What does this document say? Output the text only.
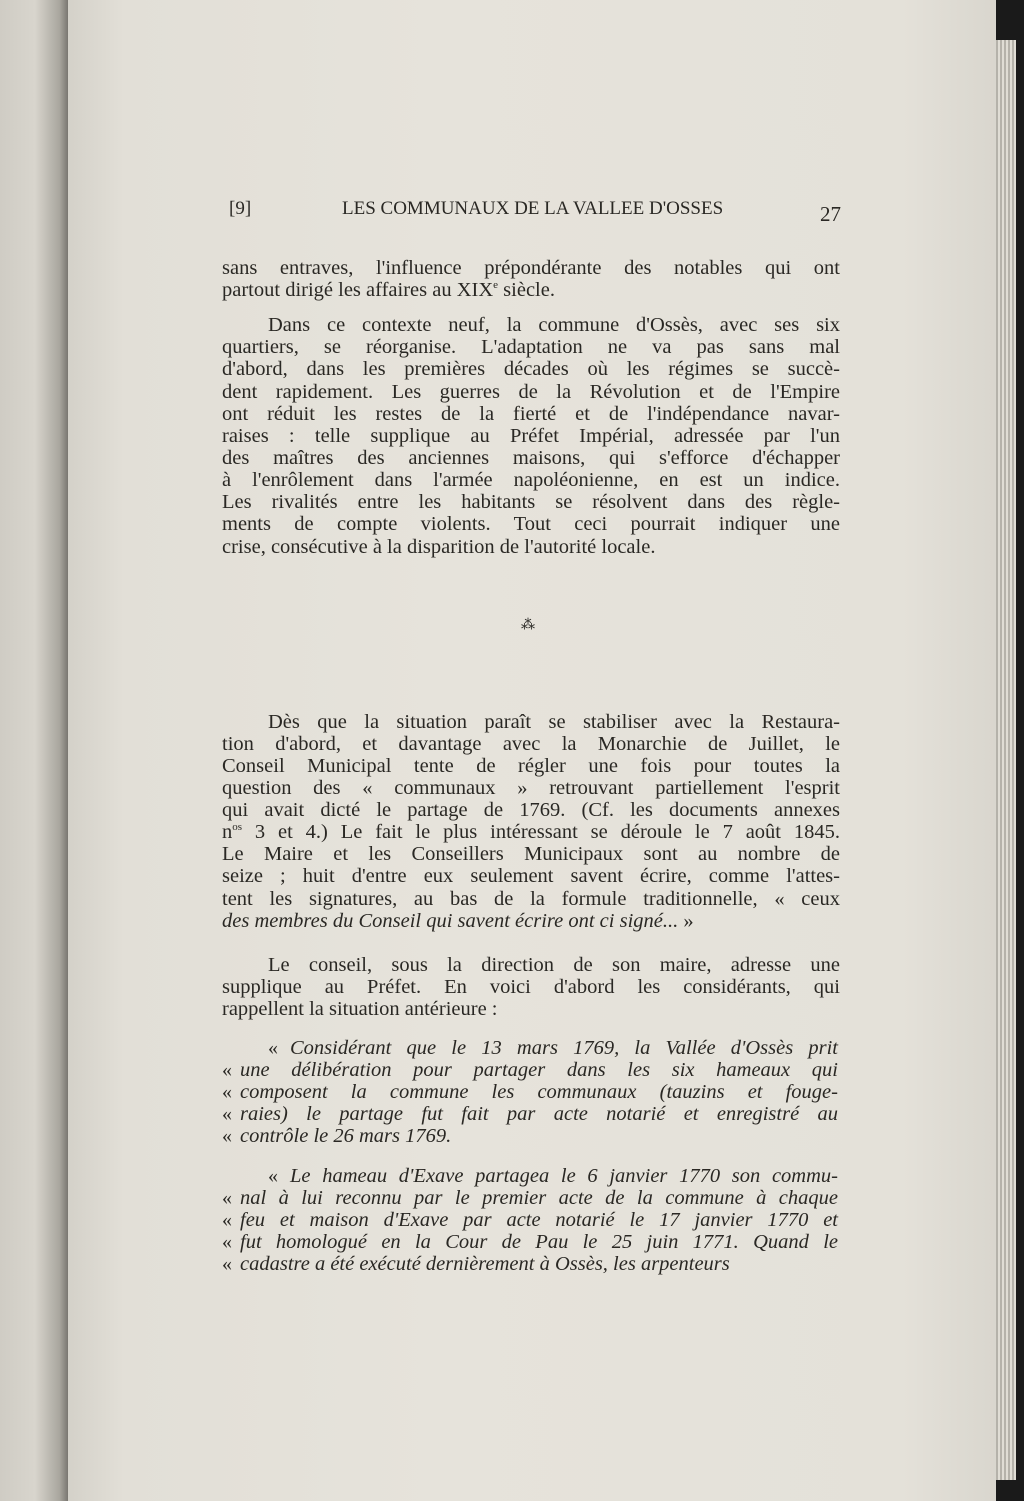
[9]	LES COMMUNAUX DE LA VALLEE D'OSSES	27
⁂
sans entraves, l'influence prépondérante des notables qui ont
partout dirigé les affaires au XIXe siècle.
Dans ce contexte neuf, la commune d'Ossès, avec ses six
quartiers, se réorganise. L'adaptation ne va pas sans mal
d'abord, dans les premières décades où les régimes se succè-
dent rapidement. Les guerres de la Révolution et de l'Empire
ont réduit les restes de la fierté et de l'indépendance navar-
raises : telle supplique au Préfet Impérial, adressée par l'un
des maîtres des anciennes maisons, qui s'efforce d'échapper
à l'enrôlement dans l'armée napoléonienne, en est un indice.
Les rivalités entre les habitants se résolvent dans des règle-
ments de compte violents. Tout ceci pourrait indiquer une
crise, consécutive à la disparition de l'autorité locale.
Dès que la situation paraît se stabiliser avec la Restaura-
tion d'abord, et davantage avec la Monarchie de Juillet, le
Conseil Municipal tente de régler une fois pour toutes la
question des « communaux » retrouvant partiellement l'esprit
qui avait dicté le partage de 1769. (Cf. les documents annexes
$n^{os}$ 3 et 4.) Le fait le plus intéressant se déroule le 7 août 1845.
Le Maire et les Conseillers Municipaux sont au nombre de
seize ; huit d'entre eux seulement savent écrire, comme l'attes-
tent les signatures, au bas de la formule traditionnelle, « ceux
des membres du Conseil qui savent écrire ont ci signé... »
Le conseil, sous la direction de son maire, adresse une
supplique au Préfet. En voici d'abord les considérants, qui
rappellent la situation antérieure :
« Considérant que le 13 mars 1769, la Vallée d'Ossès prit
« une délibération pour partager dans les six hameaux qui
« composent la commune les communaux (tauzins et fouge-
« raies) le partage fut fait par acte notarié et enregistré au
« contrôle le 26 mars 1769.
« Le hameau d'Exave partagea le 6 janvier 1770 son commu-
« nal à lui reconnu par le premier acte de la commune à chaque
« feu et maison d'Exave par acte notarié le 17 janvier 1770 et
« fut homologué en la Cour de Pau le 25 juin 1771. Quand le
« cadastre a été exécuté dernièrement à Ossès, les arpenteurs
